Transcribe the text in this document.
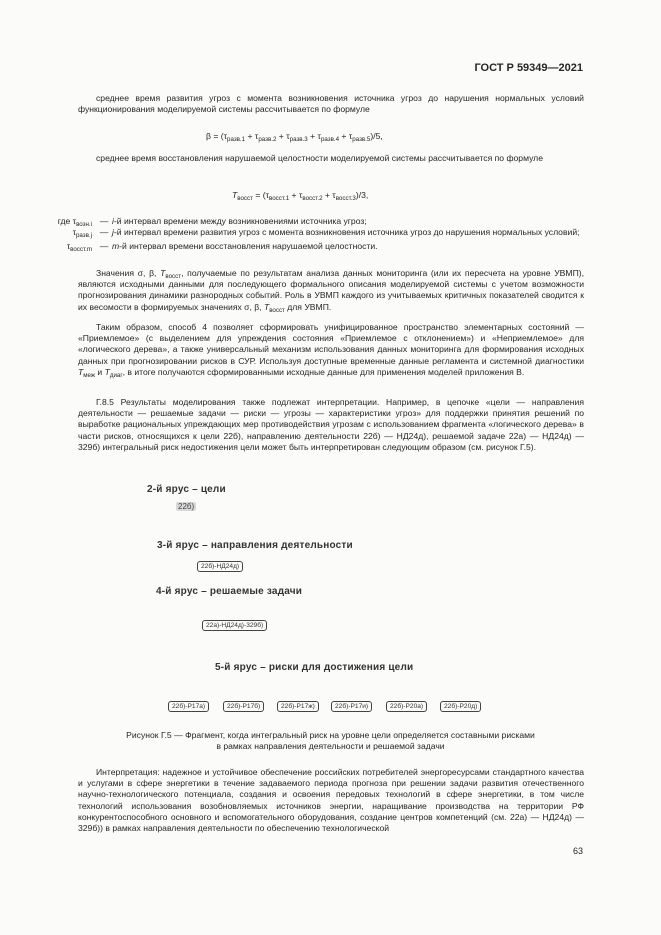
ГОСТ Р 59349—2021
среднее время развития угроз с момента возникновения источника угроз до нарушения нормальных условий функционирования моделируемой системы рассчитывается по формуле
$\beta = (\tau_{разв.1} + \tau_{разв.2} + \tau_{разв.3} + \tau_{разв.4} + \tau_{разв.5})/5$,
среднее время восстановления нарушаемой целостности моделируемой системы рассчитывается по формуле
$T_{восст} = (\tau_{восст.1} + \tau_{восст.2} + \tau_{восст.3})/3$,
где $\tau_{возн.i}$	—	i-й интервал времени между возникновениями источника угроз;
$\tau_{разв.j}$	—	j-й интервал времени развития угроз с момента возникновения источника угроз до нарушения нормальных условий;
$\tau_{восст.m}$	—	m-й интервал времени восстановления нарушаемой целостности.
Значения σ, β, $T_{восст}$, получаемые по результатам анализа данных мониторинга (или их пересчета на уровне УВМП), являются исходными данными для последующего формального описания моделируемой системы с учетом возможности прогнозирования динамики разнородных событий. Роль в УВМП каждого из учитываемых критичных показателей сводится к их весомости в формируемых значениях σ, β, $T_{восст}$ для УВМП.
Таким образом, способ 4 позволяет сформировать унифицированное пространство элементарных состояний — «Приемлемое» (с выделением для упреждения состояния «Приемлемое с отклонением») и «Неприемлемое» для «логического дерева», а также универсальный механизм использования данных мониторинга для формирования исходных данных при прогнозировании рисков в СУР. Используя доступные временные данные регламента и системной диагностики $T_{меж}$ и $T_{диаг}$, в итоге получаются сформированными исходные данные для применения моделей приложения В.
Г.8.5 Результаты моделирования также подлежат интерпретации. Например, в цепочке «цели — направления деятельности — решаемые задачи — риски — угрозы — характеристики угроз» для поддержки принятия решений по выработке рациональных упреждающих мер противодействия угрозам с использованием фрагмента «логического дерева» в части рисков, относящихся к цели 22б), направлению деятельности 22б) — НД24д), решаемой задаче 22а) — НД24д) — 329б) интегральный риск недостижения цели может быть интерпретирован следующим образом (см. рисунок Г.5).
2-й ярус – цели
22б)
3-й ярус – направления деятельности
22б)-НД24д)
4-й ярус – решаемые задачи
22а)-НД24д)-329б)
5-й ярус – риски для достижения цели
22б)-Р17а)	22б)-Р17б)	22б)-Р17ж)	22б)-Р17и)	22б)-Р20а)	22б)-Р20д)
Рисунок Г.5 — Фрагмент, когда интегральный риск на уровне цели определяется составными рисками
в рамках направления деятельности и решаемой задачи
Интерпретация: надежное и устойчивое обеспечение российских потребителей энергоресурсами стандартного качества и услугами в сфере энергетики в течение задаваемого периода прогноза при решении задачи развития отечественного научно-технологического потенциала, создания и освоения передовых технологий в сфере энергетики, в том числе технологий использования возобновляемых источников энергии, наращивание производства на территории РФ конкурентоспособного основного и вспомогательного оборудования, создание центров компетенций (см. 22а) — НД24д) — 329б)) в рамках направления деятельности по обеспечению технологической
63
